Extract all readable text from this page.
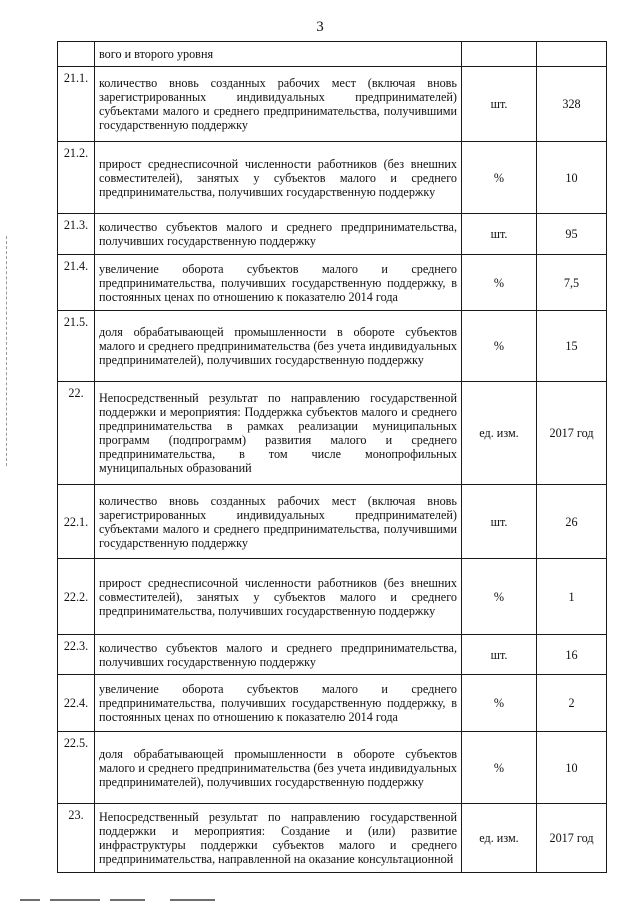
3
	вого и второго уровня		
21.1.	количество вновь созданных рабочих мест (включая вновь зарегистрированных индивидуальных предпринимателей) субъектами малого и среднего предпринимательства, получившими государственную поддержку	шт.	328
21.2.	прирост среднесписочной численности работников (без внешних совместителей), занятых у субъектов малого и среднего предпринимательства, получивших государственную поддержку	%	10
21.3.	количество субъектов малого и среднего предпринимательства, получивших государственную поддержку	шт.	95
21.4.	увеличение оборота субъектов малого и среднего предпринимательства, получивших государственную поддержку, в постоянных ценах по отношению к показателю 2014 года	%	7,5
21.5.	доля обрабатывающей промышленности в обороте субъектов малого и среднего предпринимательства (без учета индивидуальных предпринимателей), получивших государственную поддержку	%	15
22.	Непосредственный результат по направлению государственной поддержки и мероприятия: Поддержка субъектов малого и среднего предпринимательства в рамках реализации муниципальных программ (подпрограмм) развития малого и среднего предпринимательства, в том числе монопрофильных муниципальных образований	ед. изм.	2017 год
22.1.	количество вновь созданных рабочих мест (включая вновь зарегистрированных индивидуальных предпринимателей) субъектами малого и среднего предпринимательства, получившими государственную поддержку	шт.	26
22.2.	прирост среднесписочной численности работников (без внешних совместителей), занятых у субъектов малого и среднего предпринимательства, получивших государственную поддержку	%	1
22.3.	количество субъектов малого и среднего предпринимательства, получивших государственную поддержку	шт.	16
22.4.	увеличение оборота субъектов малого и среднего предпринимательства, получивших государственную поддержку, в постоянных ценах по отношению к показателю 2014 года	%	2
22.5.	доля обрабатывающей промышленности в обороте субъектов малого и среднего предпринимательства (без учета индивидуальных предпринимателей), получивших государственную поддержку	%	10
23.	Непосредственный результат по направлению государственной поддержки и мероприятия: Создание и (или) развитие инфраструктуры поддержки субъектов малого и среднего предпринимательства, направленной на оказание консультационной	ед. изм.	2017 год
